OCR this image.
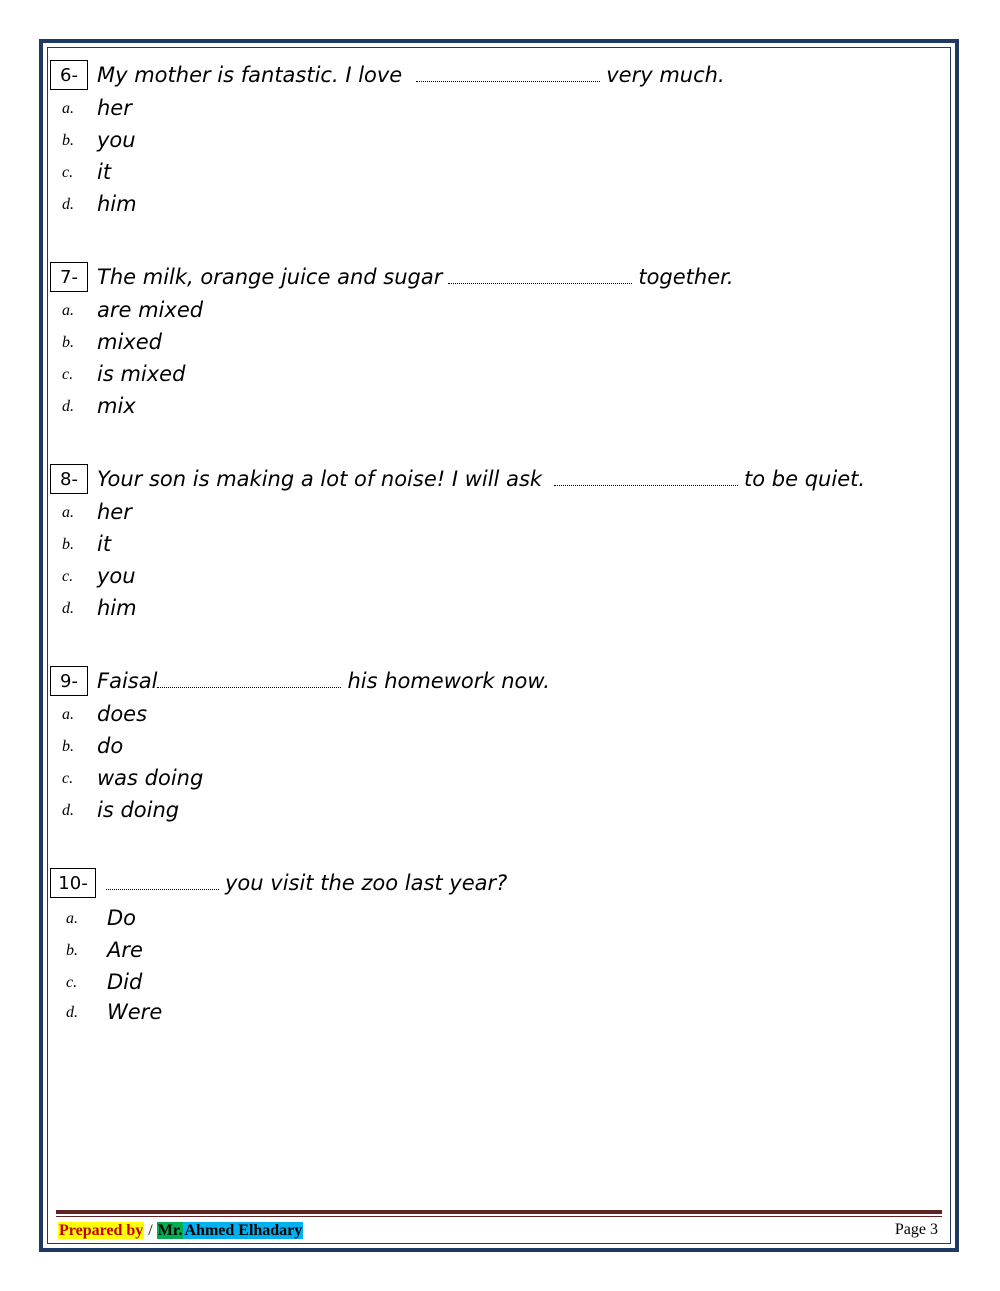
6- My mother is fantastic. I love	very much.
a. her
b. you
c. it
d. him
7- The milk, orange juice and sugar	together.
a. are mixed
b. mixed
c. is mixed
d. mix
8- Your son is making a lot of noise! I will ask	to be quiet.
a. her
b. it
c. you
d. him
9- Faisal	his homework now.
a. does
b. do
c. was doing
d. is doing
10-	you visit the zoo last year?
a. Do
b. Are
c. Did
d. Were
Prepared by / Mr. Ahmed Elhadary	Page 3
